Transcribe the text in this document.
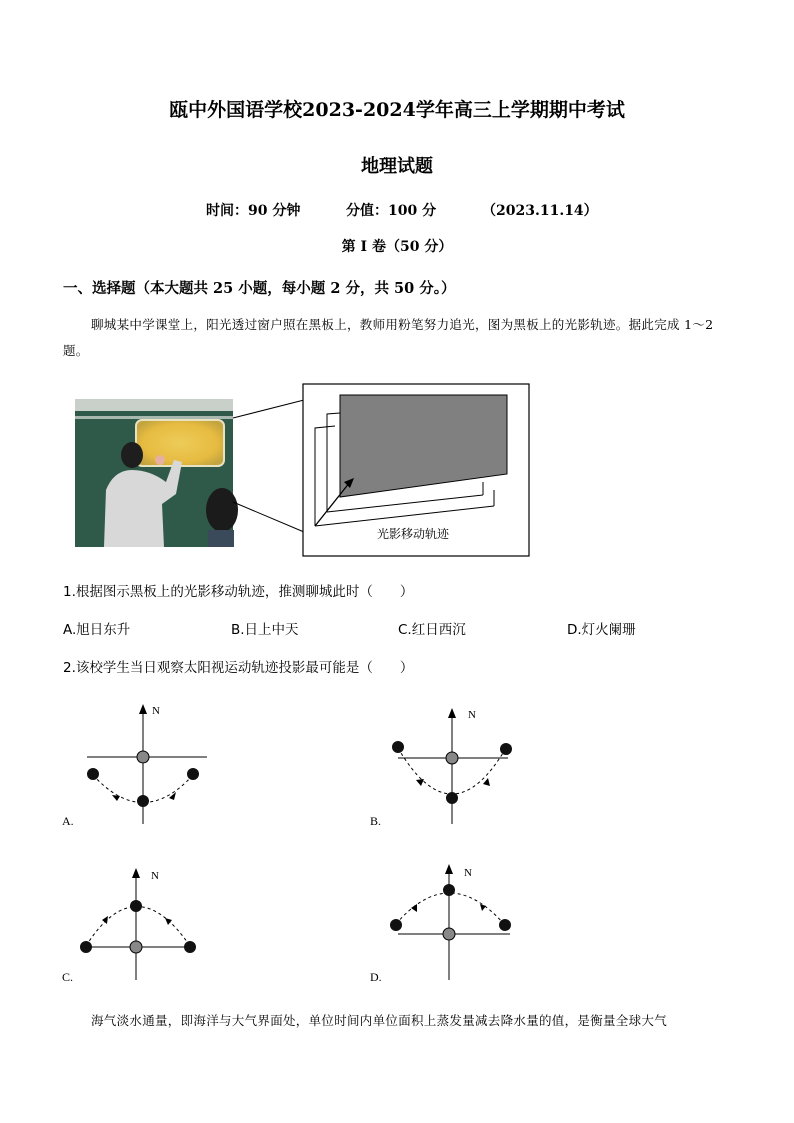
瓯中外国语学校2023-2024学年高三上学期期中考试
地理试题
时间：90 分钟	分值：100 分	（2023.11.14）
第 I 卷（50 分）
一、选择题（本大题共 25 小题，每小题 2 分，共 50 分。）
聊城某中学课堂上，阳光透过窗户照在黑板上，教师用粉笔努力追光，图为黑板上的光影轨迹。据此完成 1～2 题。
光影移动轨迹
1.根据图示黑板上的光影移动轨迹，推测聊城此时（　　）
A.旭日东升	B.日上中天	C.红日西沉	D.灯火阑珊
2.该校学生当日观察太阳视运动轨迹投影最可能是（　　）
N
A.
N
B.
N
C.
N
D.
海气淡水通量，即海洋与大气界面处，单位时间内单位面积上蒸发量减去降水量的值，是衡量全球大气
